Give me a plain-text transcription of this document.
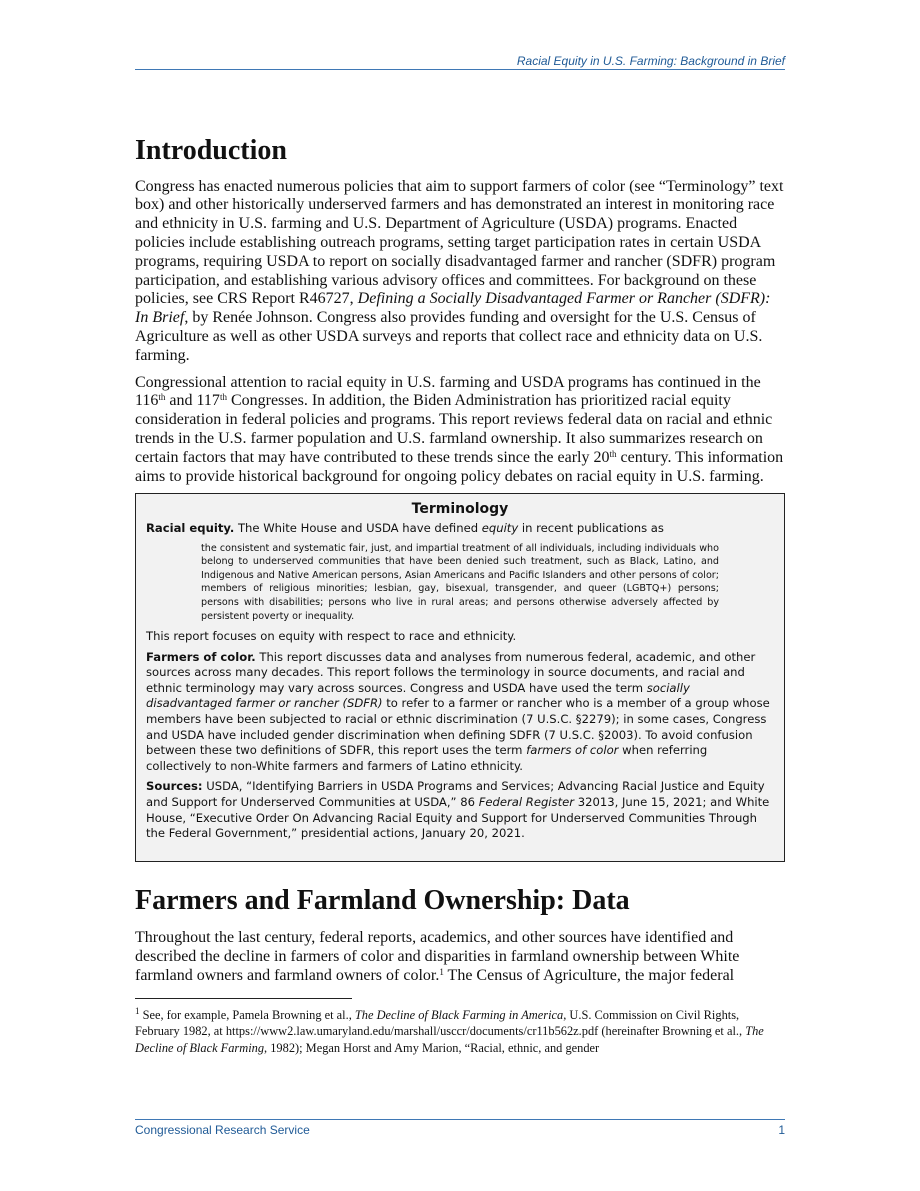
Racial Equity in U.S. Farming: Background in Brief
Introduction

Congress has enacted numerous policies that aim to support farmers of color (see “Terminology” text box) and other historically underserved farmers and has demonstrated an interest in monitoring race and ethnicity in U.S. farming and U.S. Department of Agriculture (USDA) programs. Enacted policies include establishing outreach programs, setting target participation rates in certain USDA programs, requiring USDA to report on socially disadvantaged farmer and rancher (SDFR) program participation, and establishing various advisory offices and committees. For background on these policies, see CRS Report R46727, Defining a Socially Disadvantaged Farmer or Rancher (SDFR): In Brief, by Renée Johnson. Congress also provides funding and oversight for the U.S. Census of Agriculture as well as other USDA surveys and reports that collect race and ethnicity data on U.S. farming.

Congressional attention to racial equity in U.S. farming and USDA programs has continued in the 116th and 117th Congresses. In addition, the Biden Administration has prioritized racial equity consideration in federal policies and programs. This report reviews federal data on racial and ethnic trends in the U.S. farmer population and U.S. farmland ownership. It also summarizes research on certain factors that may have contributed to these trends since the early 20th century. This information aims to provide historical background for ongoing policy debates on racial equity in U.S. farming.

Terminology

Racial equity. The White House and USDA have defined equity in recent publications as

the consistent and systematic fair, just, and impartial treatment of all individuals, including individuals who belong to underserved communities that have been denied such treatment, such as Black, Latino, and Indigenous and Native American persons, Asian Americans and Pacific Islanders and other persons of color; members of religious minorities; lesbian, gay, bisexual, transgender, and queer (LGBTQ+) persons; persons with disabilities; persons who live in rural areas; and persons otherwise adversely affected by persistent poverty or inequality.

This report focuses on equity with respect to race and ethnicity.

Farmers of color. This report discusses data and analyses from numerous federal, academic, and other sources across many decades. This report follows the terminology in source documents, and racial and ethnic terminology may vary across sources. Congress and USDA have used the term socially disadvantaged farmer or rancher (SDFR) to refer to a farmer or rancher who is a member of a group whose members have been subjected to racial or ethnic discrimination (7 U.S.C. §2279); in some cases, Congress and USDA have included gender discrimination when defining SDFR (7 U.S.C. §2003). To avoid confusion between these two definitions of SDFR, this report uses the term farmers of color when referring collectively to non-White farmers and farmers of Latino ethnicity.

Sources: USDA, “Identifying Barriers in USDA Programs and Services; Advancing Racial Justice and Equity and Support for Underserved Communities at USDA,” 86 Federal Register 32013, June 15, 2021; and White House, “Executive Order On Advancing Racial Equity and Support for Underserved Communities Through the Federal Government,” presidential actions, January 20, 2021.

Farmers and Farmland Ownership: Data

Throughout the last century, federal reports, academics, and other sources have identified and described the decline in farmers of color and disparities in farmland ownership between White farmland owners and farmland owners of color.$^1$ The Census of Agriculture, the major federal

$^1$ See, for example, Pamela Browning et al., The Decline of Black Farming in America, U.S. Commission on Civil Rights, February 1982, at https://www2.law.umaryland.edu/marshall/usccr/documents/cr11b562z.pdf (hereinafter Browning et al., The Decline of Black Farming, 1982); Megan Horst and Amy Marion, “Racial, ethnic, and gender
Congressional Research Service	1
